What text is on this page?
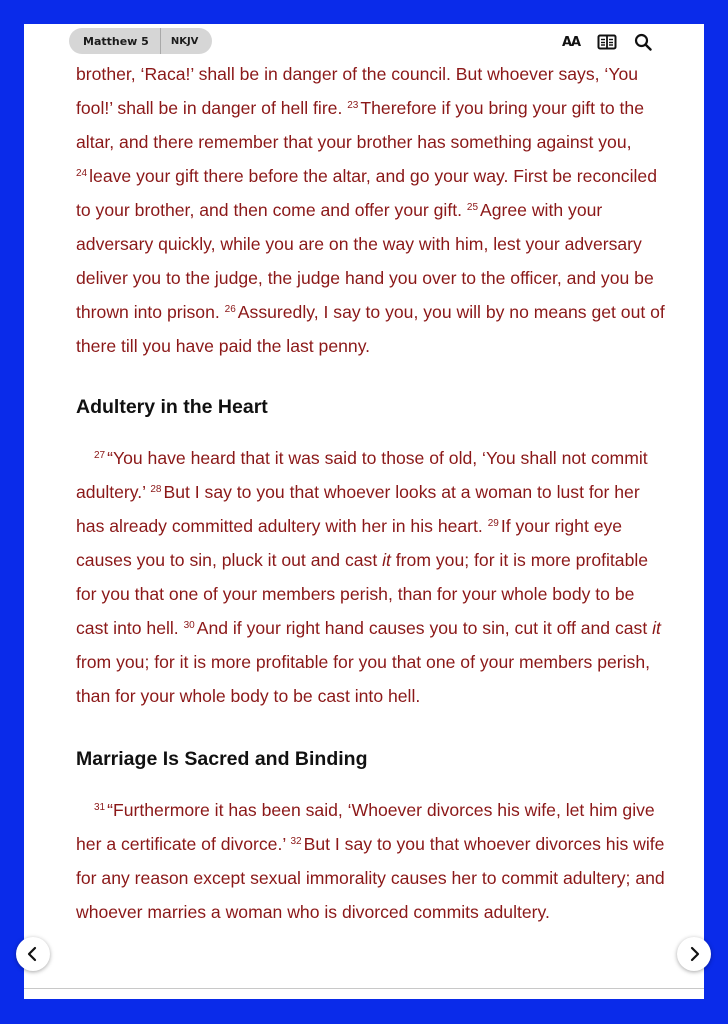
Matthew 5	NKJV	AA

brother, ‘Raca!’ shall be in danger of the council. But whoever says, ‘You fool!’ shall be in danger of hell fire. $^{23}$ Therefore if you bring your gift to the altar, and there remember that your brother has something against you, $^{24}$ leave your gift there before the altar, and go your way. First be reconciled to your brother, and then come and offer your gift. $^{25}$ Agree with your adversary quickly, while you are on the way with him, lest your adversary deliver you to the judge, the judge hand you over to the officer, and you be thrown into prison. $^{26}$ Assuredly, I say to you, you will by no means get out of there till you have paid the last penny.

Adultery in the Heart

$^{27}$ “You have heard that it was said to those of old, ‘You shall not commit adultery.’ $^{28}$ But I say to you that whoever looks at a woman to lust for her has already committed adultery with her in his heart. $^{29}$ If your right eye causes you to sin, pluck it out and cast it from you; for it is more profitable for you that one of your members perish, than for your whole body to be cast into hell. $^{30}$ And if your right hand causes you to sin, cut it off and cast it from you; for it is more profitable for you that one of your members perish, than for your whole body to be cast into hell.

Marriage Is Sacred and Binding

$^{31}$ “Furthermore it has been said, ‘Whoever divorces his wife, let him give her a certificate of divorce.’ $^{32}$ But I say to you that whoever divorces his wife for any reason except sexual immorality causes her to commit adultery; and whoever marries a woman who is divorced commits adultery.
